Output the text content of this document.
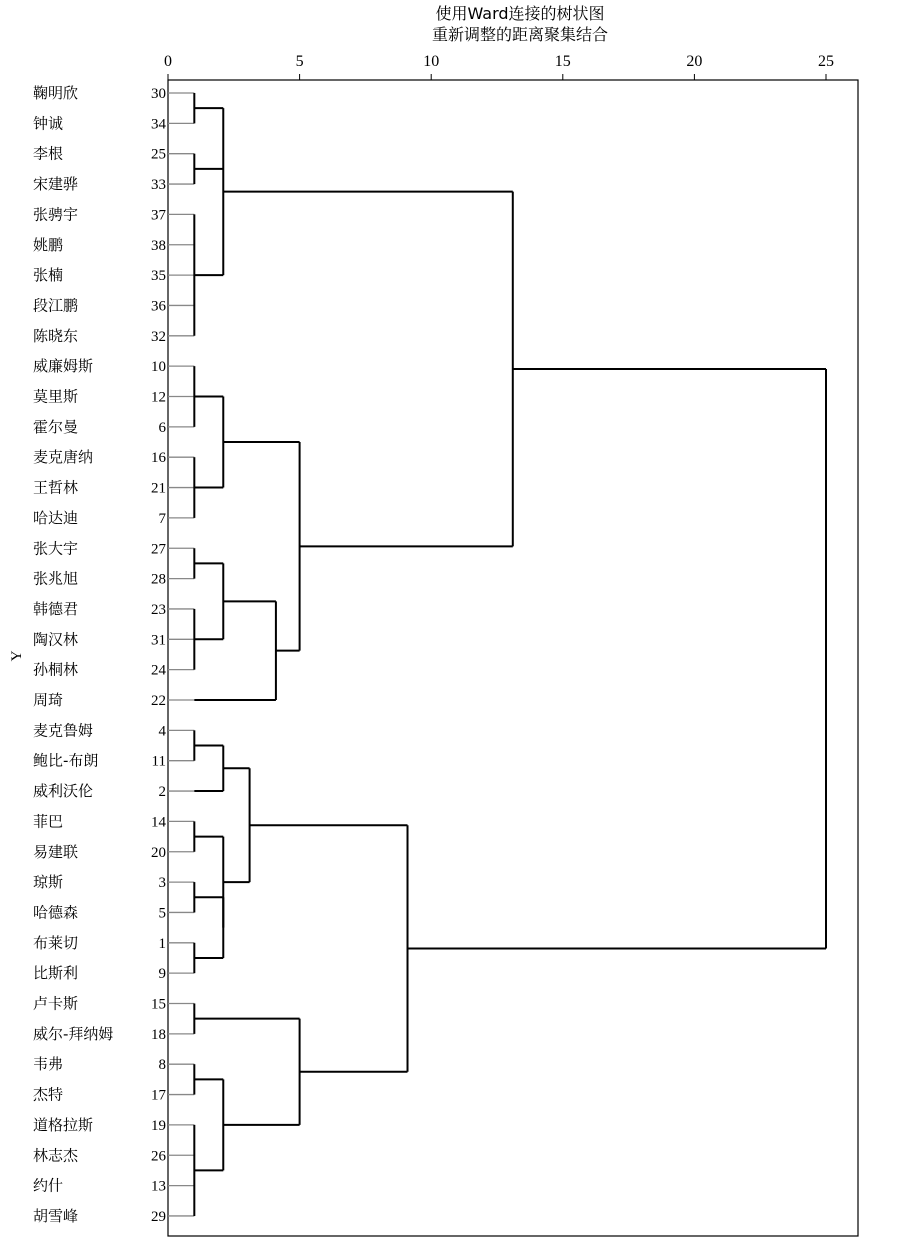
使用Ward连接的树状图
重新调整的距离聚集结合
Y
0	5	10	15	20	25
鞠明欣	30
钟诚	34
李根	25
宋建骅	33
张骋宇	37
姚鹏	38
张楠	35
段江鹏	36
陈晓东	32
威廉姆斯	10
莫里斯	12
霍尔曼	6
麦克唐纳	16
王哲林	21
哈达迪	7
张大宇	27
张兆旭	28
韩德君	23
陶汉林	31
孙桐林	24
周琦	22
麦克鲁姆	4
鲍比-布朗	11
威利沃伦	2
菲巴	14
易建联	20
琼斯	3
哈德森	5
布莱切	1
比斯利	9
卢卡斯	15
威尔-拜纳姆	18
韦弗	8
杰特	17
道格拉斯	19
林志杰	26
约什	13
胡雪峰	29
